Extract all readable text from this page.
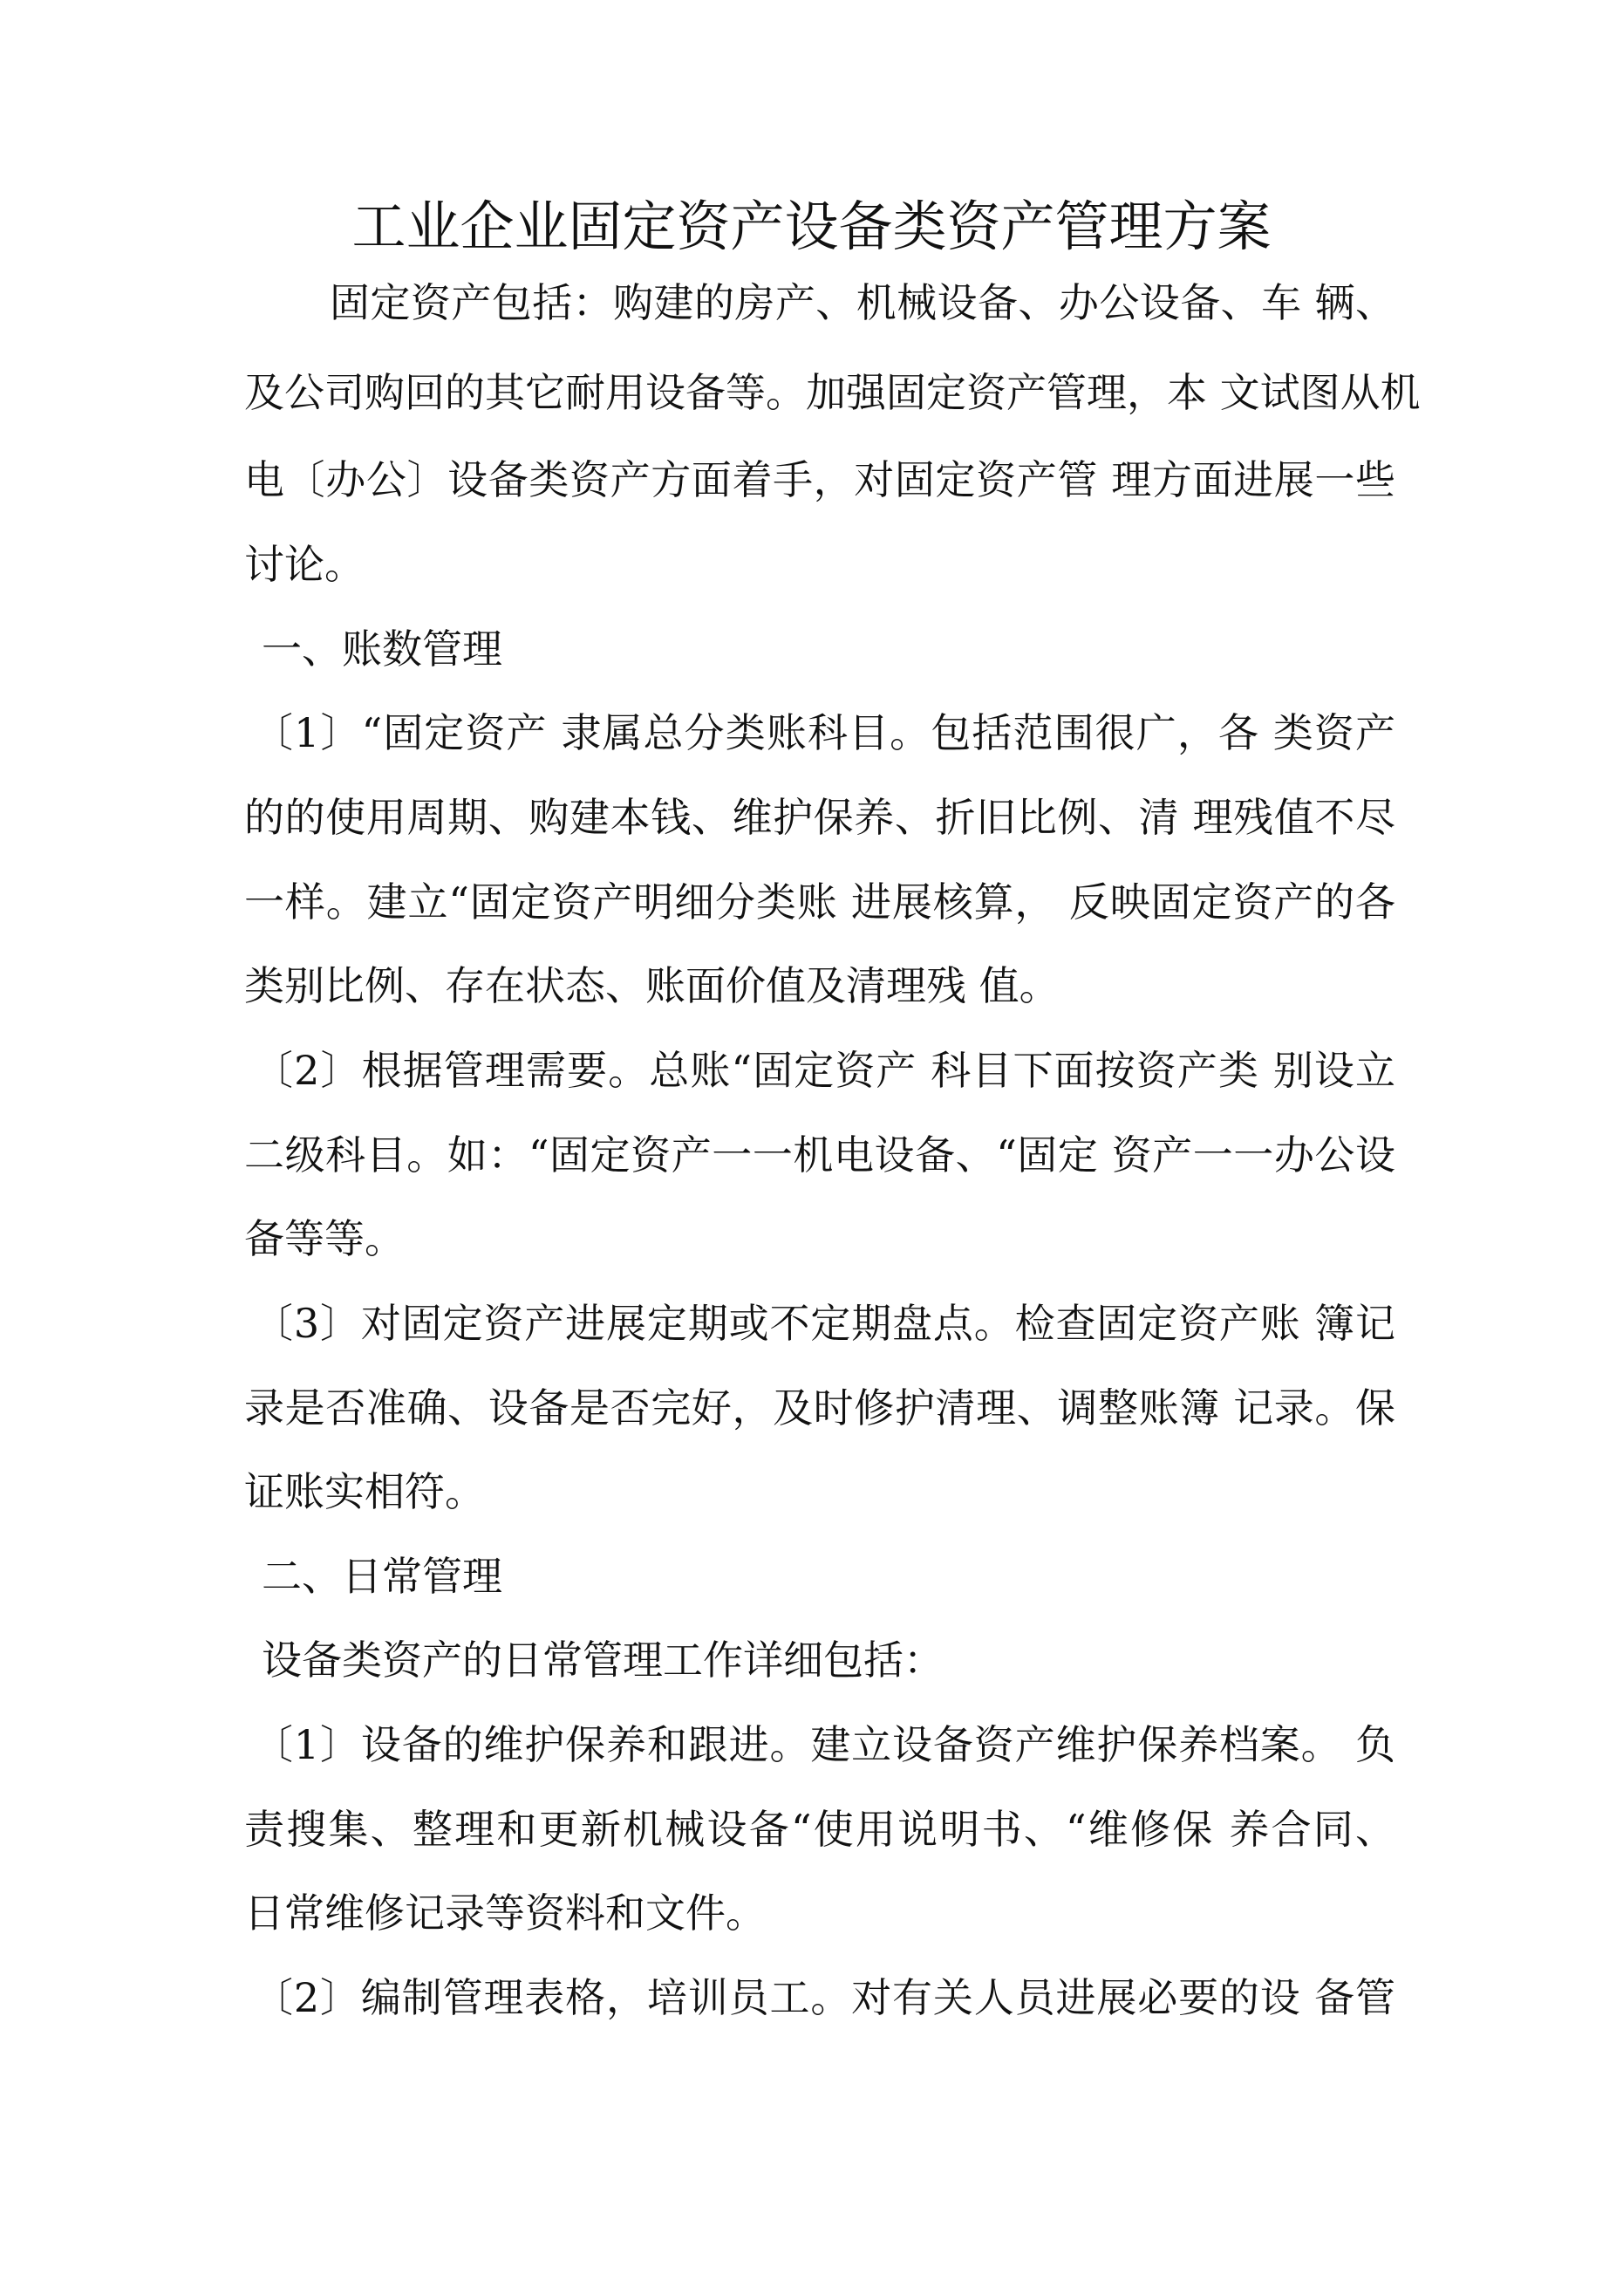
工业企业固定资产设备类资产管理方案
固定资产包括：购建的房产、机械设备、办公设备、车 辆、
及公司购回的其它耐用设备等。加强固定资产管理，本 文试图从机
电〔办公〕设备类资产方面着手，对固定资产管 理方面进展一些
讨论。
一、账数管理
〔1〕“固定资产 隶属总分类账科目。包括范围很广，各 类资产
的的使用周期、购建本钱、维护保养、折旧比例、清 理残值不尽
一样。建立“固定资产明细分类账 进展核算， 反映固定资产的各
类别比例、存在状态、账面价值及清理残 值。
〔2〕根据管理需要。总账“固定资产 科目下面按资产类 别设立
二级科目。如：“固定资产一一机电设备、“固定 资产一一办公设
备等等。
〔3〕对固定资产进展定期或不定期盘点。检查固定资产账 簿记
录是否准确、设备是否完好，及时修护清理、调整账簿 记录。保
证账实相符。
二、日常管理
设备类资产的日常管理工作详细包括：
〔1〕设备的维护保养和跟进。建立设备资产维护保养档案。 负
责搜集、整理和更新机械设备“使用说明书、“维修保 养合同、
日常维修记录等资料和文件。
〔2〕编制管理表格，培训员工。对有关人员进展必要的设 备管
